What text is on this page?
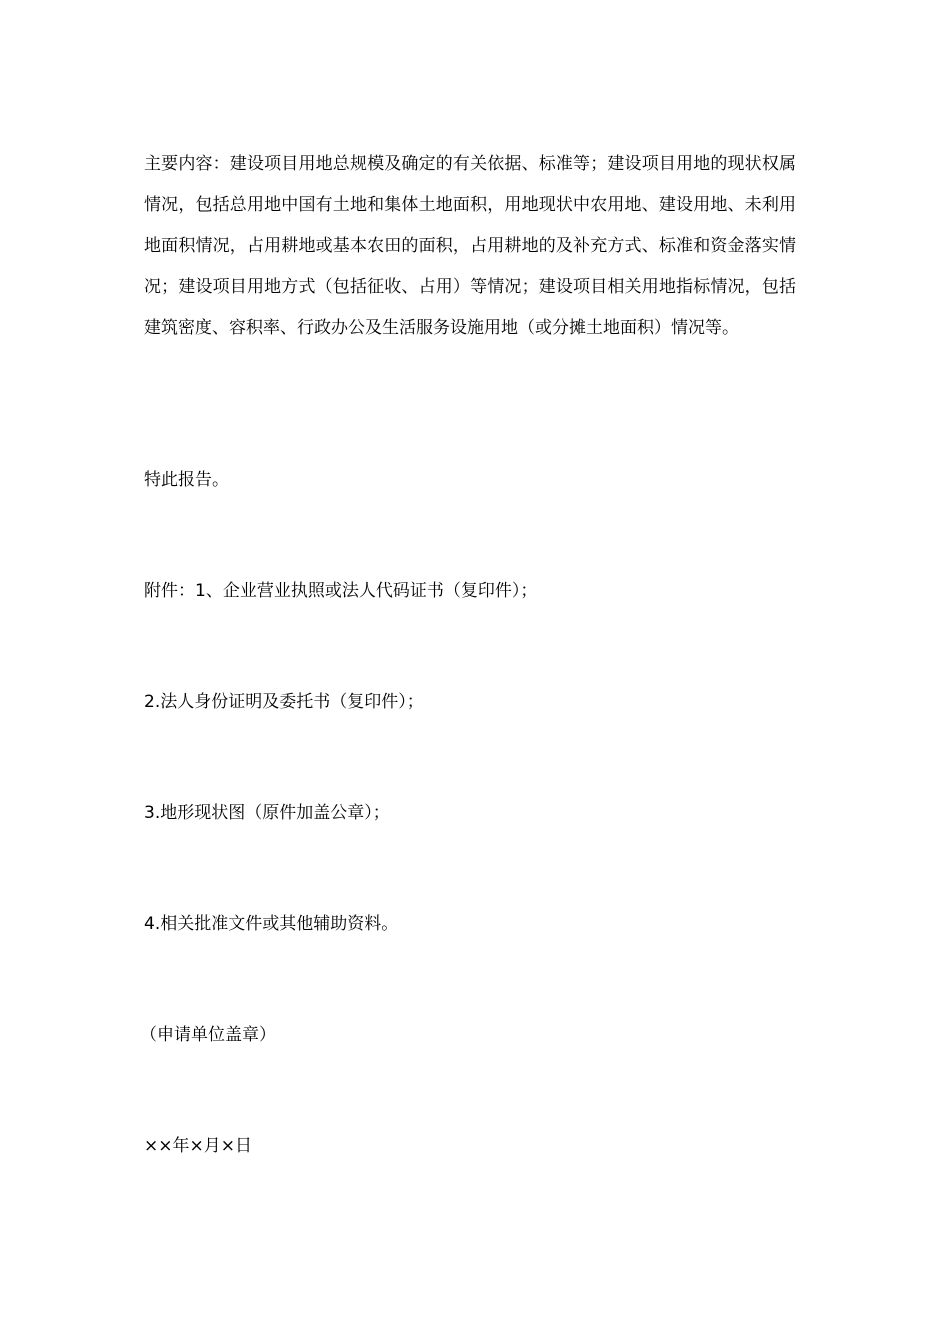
主要内容：建设项目用地总规模及确定的有关依据、标准等；建设项目用地的现状权属情况，包括总用地中国有土地和集体土地面积，用地现状中农用地、建设用地、未利用地面积情况，占用耕地或基本农田的面积，占用耕地的及补充方式、标准和资金落实情况；建设项目用地方式（包括征收、占用）等情况；建设项目相关用地指标情况，包括建筑密度、容积率、行政办公及生活服务设施用地（或分摊土地面积）情况等。

特此报告。

附件：1、企业营业执照或法人代码证书（复印件）；

2.法人身份证明及委托书（复印件）；

3.地形现状图（原件加盖公章）；

4.相关批准文件或其他辅助资料。

（申请单位盖章）

××年×月×日
